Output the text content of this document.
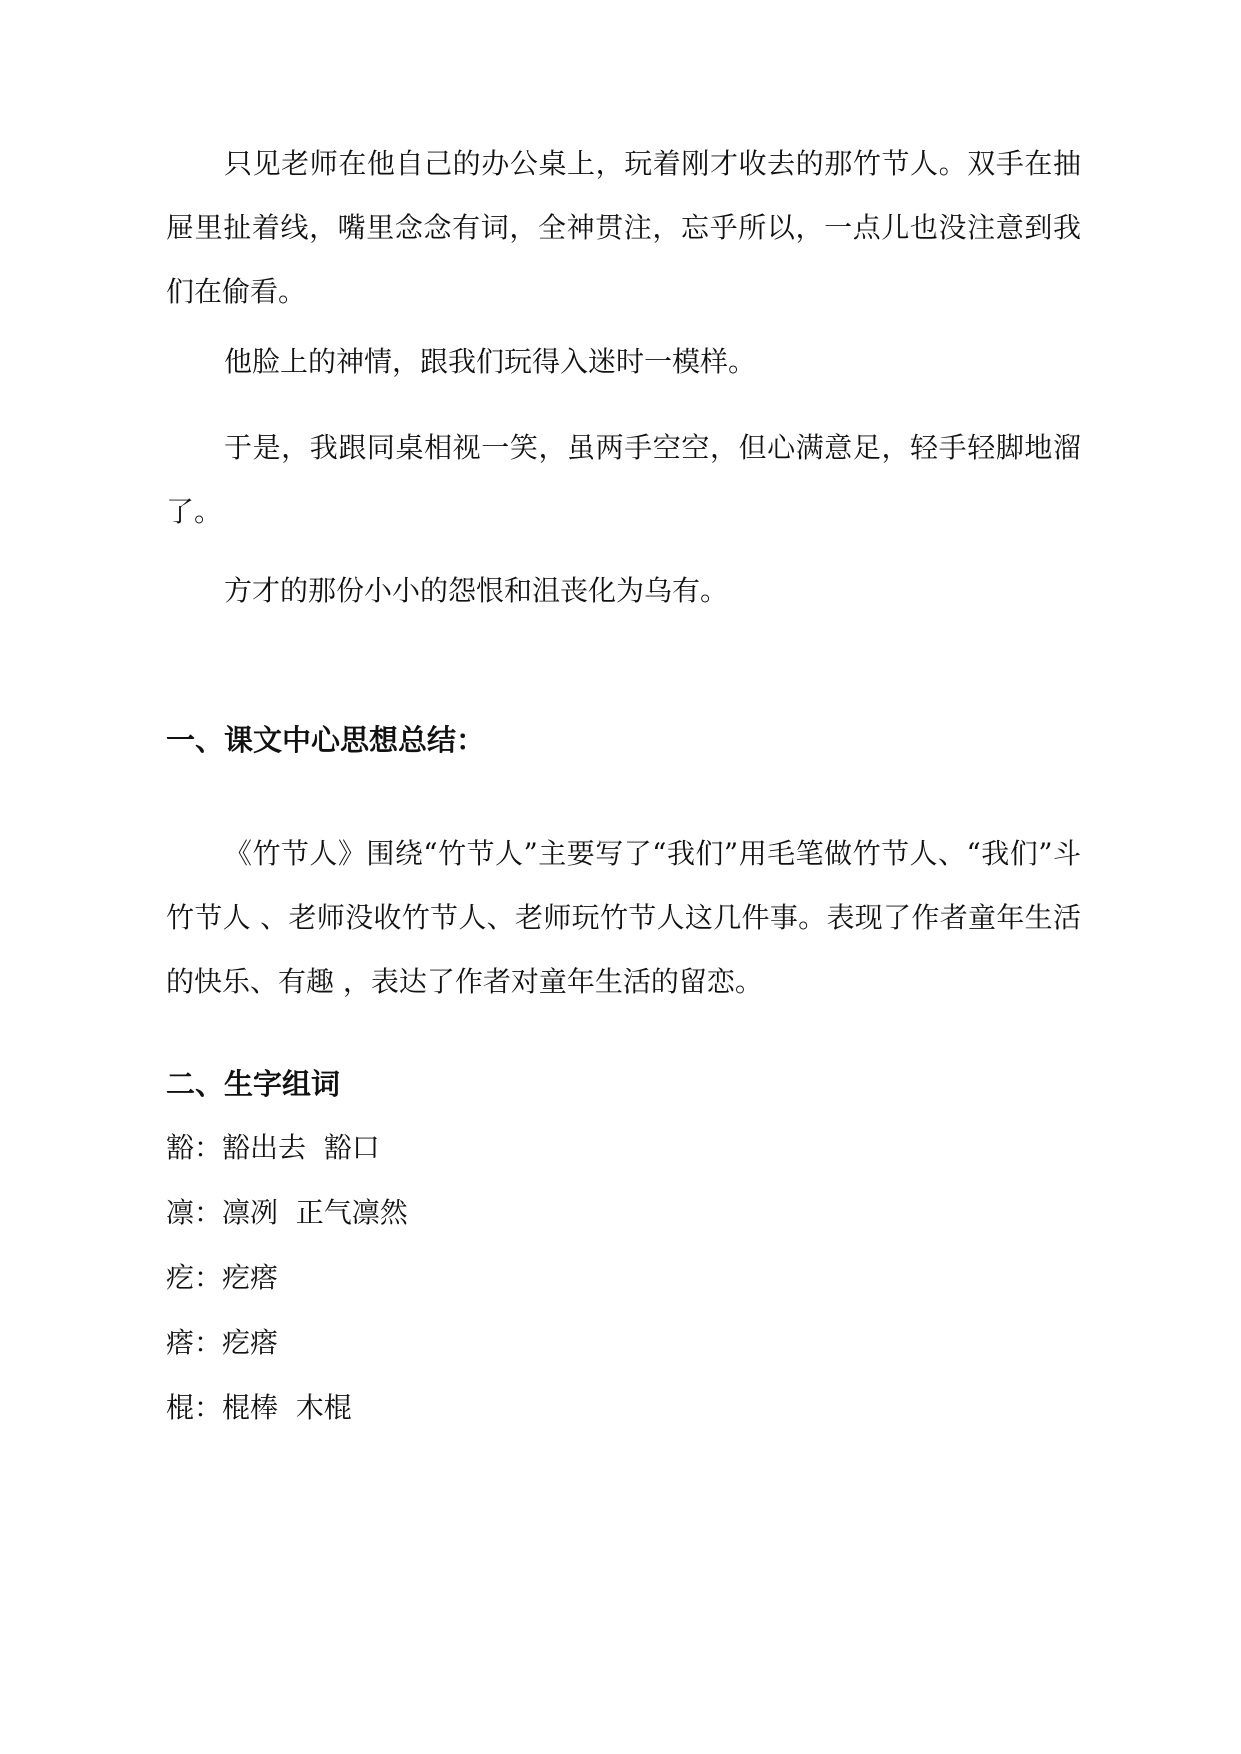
只见老师在他自己的办公桌上，玩着刚才收去的那竹节人。双手在抽屉里扯着线，嘴里念念有词，全神贯注，忘乎所以，一点儿也没注意到我们在偷看。

他脸上的神情，跟我们玩得入迷时一模样。

于是，我跟同桌相视一笑，虽两手空空，但心满意足，轻手轻脚地溜了。

方才的那份小小的怨恨和沮丧化为乌有。

一、课文中心思想总结：

《竹节人》围绕“竹节人”主要写了“我们”用毛笔做竹节人、“我们”斗竹节人 、老师没收竹节人、老师玩竹节人这几件事。表现了作者童年生活的快乐、有趣 ，表达了作者对童年生活的留恋。

二、生字组词
豁：豁出去  豁口
凛：凛冽  正气凛然
疙：疙瘩
瘩：疙瘩
棍：棍棒  木棍
